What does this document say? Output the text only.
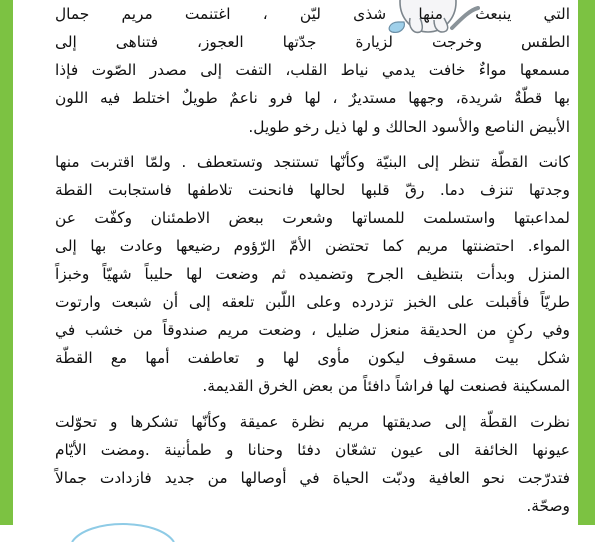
التي ينبعث منها شذى ليّن ، اغتنمت مريم جمال
الطقس وخرجت لزيارة جدّتها العجوز، فتناهى إلى
مسمعها مواءٌ خافت يدمي نياط القلب، التفت إلى مصدر الصّوت فإذا
بها قطّةٌ شريدة، وجهها مستديرٌ ، لها فرو ناعمٌ طويلٌ اختلط فيه اللون
الأبيض الناصع والأسود الحالك و لها ذيل رخو طويل.
كانت القطّة تنظر إلى البنيّة وكأنّها تستنجد وتستعطف . ولمّا اقتربت منها
وجدتها تنزف دما. رقّ قلبها لحالها فانحنت تلاطفها فاستجابت القطة
لمداعبتها واستسلمت للمساتها وشعرت ببعض الاطمئنان وكفّت عن
المواء. احتضنتها مريم كما تحتضن الأمّ الرّؤوم رضيعها وعادت بها إلى
المنزل وبدأت بتنظيف الجرح وتضميده ثم وضعت لها حليباً شهيّاً وخبزاً
طريّاً فأقبلت على الخبز تزدرده وعلى اللّبن تلعقه إلى أن شبعت وارتوت
وفي ركنٍ من الحديقة منعزل ضليل ، وضعت مريم صندوقاً من خشب في
شكل بيت مسقوف ليكون مأوى لها و تعاطفت أمها مع القطّة
المسكينة فصنعت لها فراشاً دافئاً من بعض الخرق القديمة.
نظرت القطّة إلى صديقتها مريم نظرة عميقة وكأنّها تشكرها و تحوّلت
عيونها الخائفة الى عيون تشعّان دفئا وحنانا و طمأنينة .ومضت الأيّام
فتدرّجت نحو العافية ودبّت الحياة في أوصالها من جديد فازدادت جمالاً
وصحّة.
